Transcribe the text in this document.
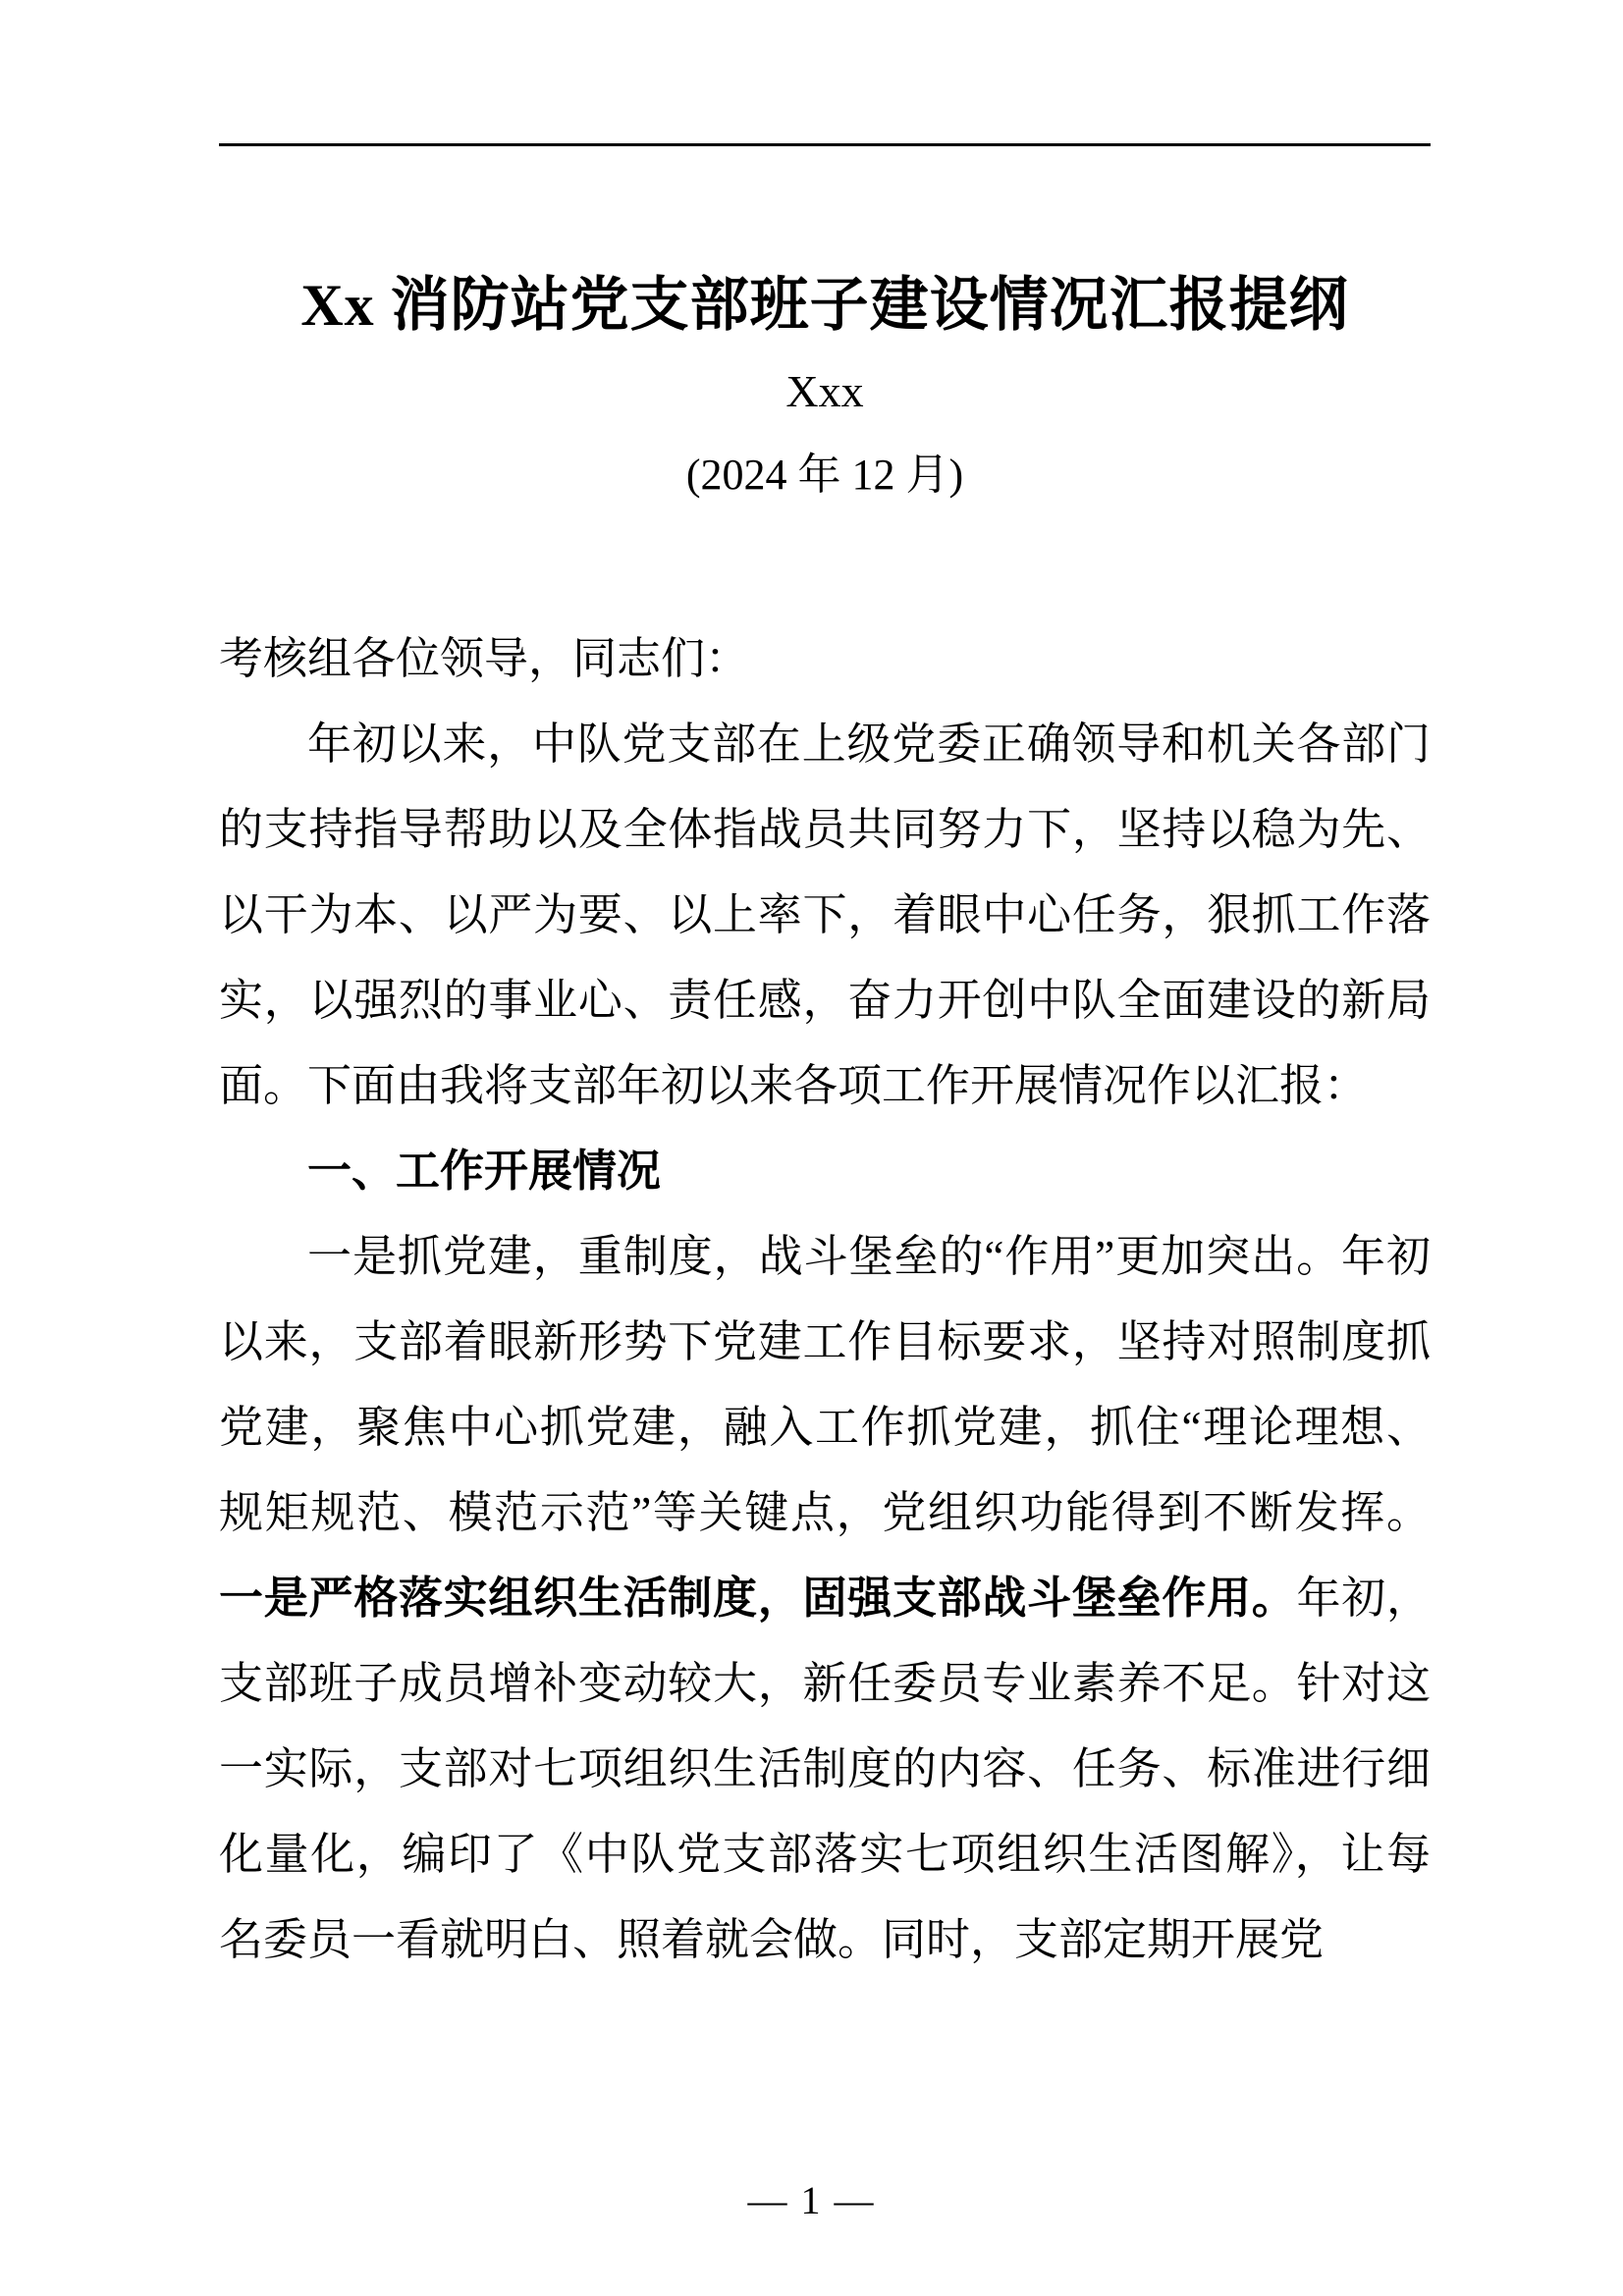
Xx 消防站党支部班子建设情况汇报提纲
Xxx
(2024 年 12 月)

考核组各位领导，同志们：

年初以来，中队党支部在上级党委正确领导和机关各部门的支持指导帮助以及全体指战员共同努力下，坚持以稳为先、以干为本、以严为要、以上率下，着眼中心任务，狠抓工作落实，以强烈的事业心、责任感，奋力开创中队全面建设的新局面。下面由我将支部年初以来各项工作开展情况作以汇报：

一、工作开展情况

一是抓党建，重制度，战斗堡垒的“作用”更加突出。年初以来，支部着眼新形势下党建工作目标要求，坚持对照制度抓党建，聚焦中心抓党建，融入工作抓党建，抓住“理论理想、规矩规范、模范示范”等关键点，党组织功能得到不断发挥。一是严格落实组织生活制度，固强支部战斗堡垒作用。年初，支部班子成员增补变动较大，新任委员专业素养不足。针对这一实际，支部对七项组织生活制度的内容、任务、标准进行细化量化，编印了《中队党支部落实七项组织生活图解》，让每名委员一看就明白、照着就会做。同时，支部定期开展党

— 1 —
